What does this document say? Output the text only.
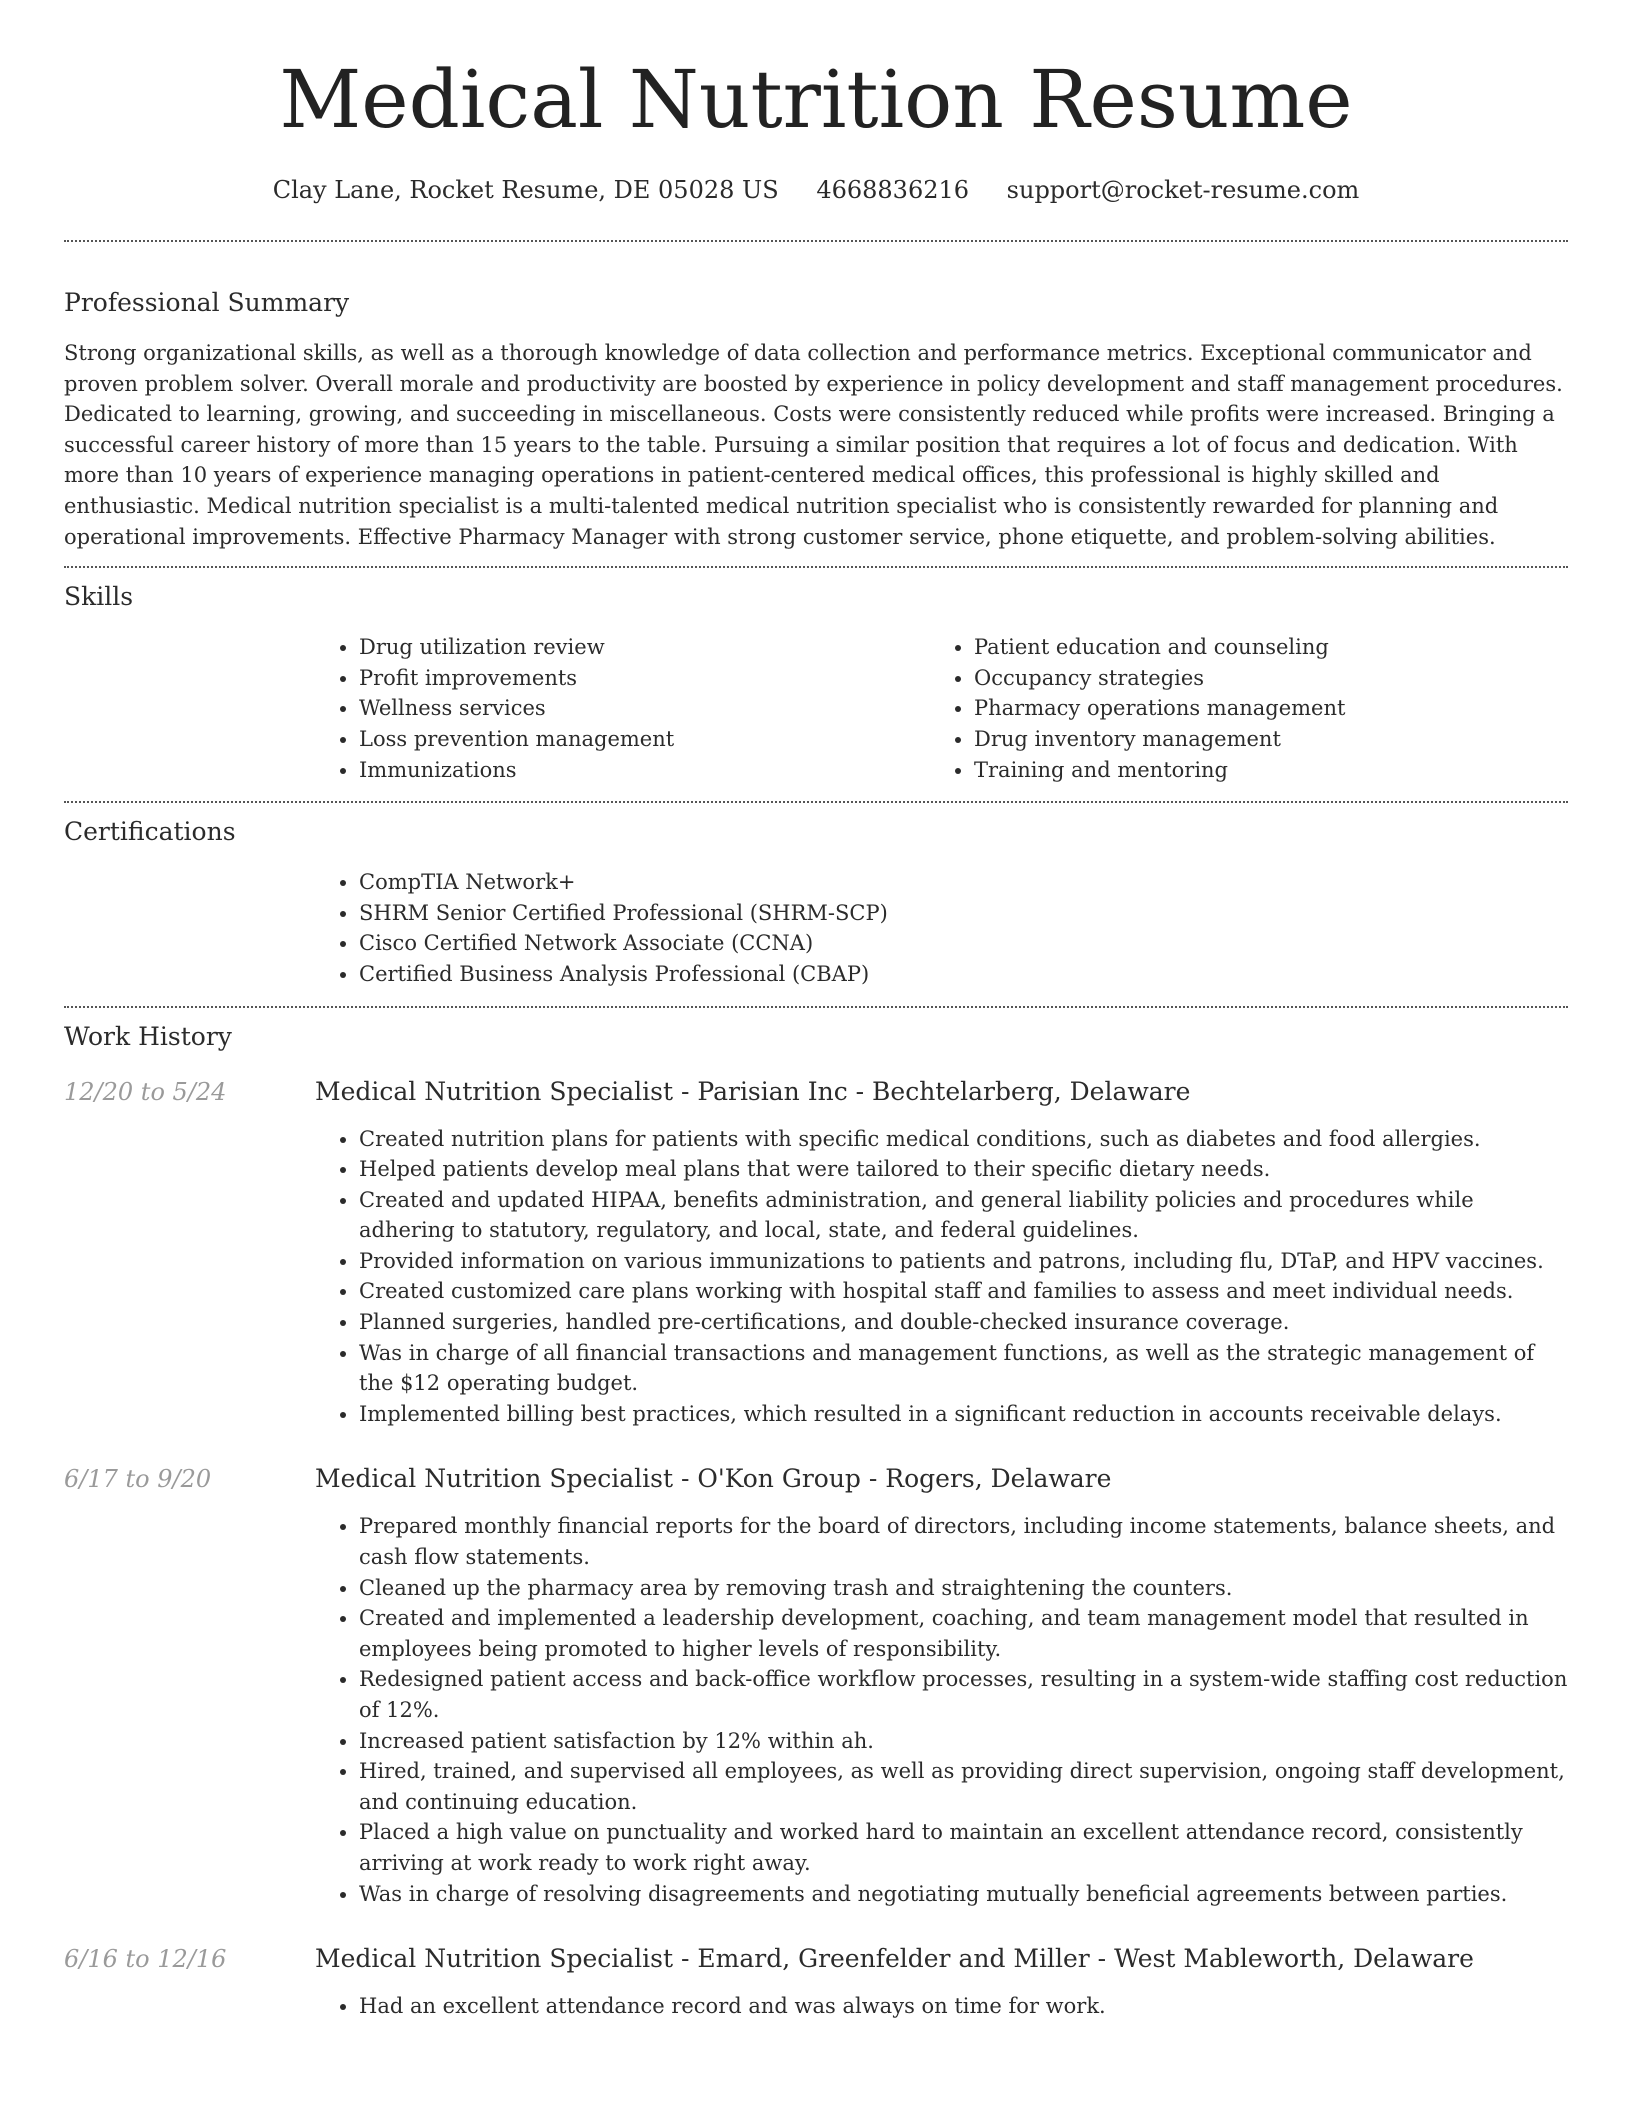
Medical Nutrition Resume
Clay Lane, Rocket Resume, DE 05028 US 4668836216 support@rocket-resume.com
Professional Summary

Strong organizational skills, as well as a thorough knowledge of data collection and performance metrics. Exceptional communicator and proven problem solver. Overall morale and productivity are boosted by experience in policy development and staff management procedures. Dedicated to learning, growing, and succeeding in miscellaneous. Costs were consistently reduced while profits were increased. Bringing a successful career history of more than 15 years to the table. Pursuing a similar position that requires a lot of focus and dedication. With more than 10 years of experience managing operations in patient-centered medical offices, this professional is highly skilled and enthusiastic. Medical nutrition specialist is a multi-talented medical nutrition specialist who is consistently rewarded for planning and operational improvements. Effective Pharmacy Manager with strong customer service, phone etiquette, and problem-solving abilities.

Skills
• Drug utilization review
• Profit improvements
• Wellness services
• Loss prevention management
• Immunizations
• Patient education and counseling
• Occupancy strategies
• Pharmacy operations management
• Drug inventory management
• Training and mentoring
Certifications
• CompTIA Network+
• SHRM Senior Certified Professional (SHRM-SCP)
• Cisco Certified Network Associate (CCNA)
• Certified Business Analysis Professional (CBAP)
Work History
12/20 to 5/24	Medical Nutrition Specialist - Parisian Inc - Bechtelarberg, Delaware
• Created nutrition plans for patients with specific medical conditions, such as diabetes and food allergies.
• Helped patients develop meal plans that were tailored to their specific dietary needs.
• Created and updated HIPAA, benefits administration, and general liability policies and procedures while adhering to statutory, regulatory, and local, state, and federal guidelines.
• Provided information on various immunizations to patients and patrons, including flu, DTaP, and HPV vaccines.
• Created customized care plans working with hospital staff and families to assess and meet individual needs.
• Planned surgeries, handled pre-certifications, and double-checked insurance coverage.
• Was in charge of all financial transactions and management functions, as well as the strategic management of the $12 operating budget.
• Implemented billing best practices, which resulted in a significant reduction in accounts receivable delays.
6/17 to 9/20	Medical Nutrition Specialist - O'Kon Group - Rogers, Delaware
• Prepared monthly financial reports for the board of directors, including income statements, balance sheets, and cash flow statements.
• Cleaned up the pharmacy area by removing trash and straightening the counters.
• Created and implemented a leadership development, coaching, and team management model that resulted in employees being promoted to higher levels of responsibility.
• Redesigned patient access and back-office workflow processes, resulting in a system-wide staffing cost reduction of 12%.
• Increased patient satisfaction by 12% within ah.
• Hired, trained, and supervised all employees, as well as providing direct supervision, ongoing staff development, and continuing education.
• Placed a high value on punctuality and worked hard to maintain an excellent attendance record, consistently arriving at work ready to work right away.
• Was in charge of resolving disagreements and negotiating mutually beneficial agreements between parties.
6/16 to 12/16	Medical Nutrition Specialist - Emard, Greenfelder and Miller - West Mableworth, Delaware
• Had an excellent attendance record and was always on time for work.
